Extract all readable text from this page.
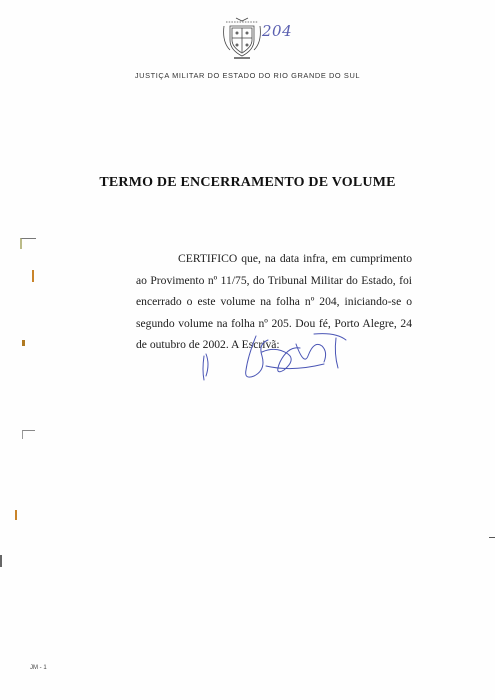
204
JUSTIÇA MILITAR DO ESTADO DO RIO GRANDE DO SUL
TERMO DE ENCERRAMENTO DE VOLUME
CERTIFICO que, na data infra, em cumprimento ao Provimento nº 11/75, do Tribunal Militar do Estado, foi encerrado o este volume na folha nº 204, iniciando-se o segundo volume na folha nº 205. Dou fé, Porto Alegre, 24 de outubro de 2002. A Escrivã:
JM - 1
